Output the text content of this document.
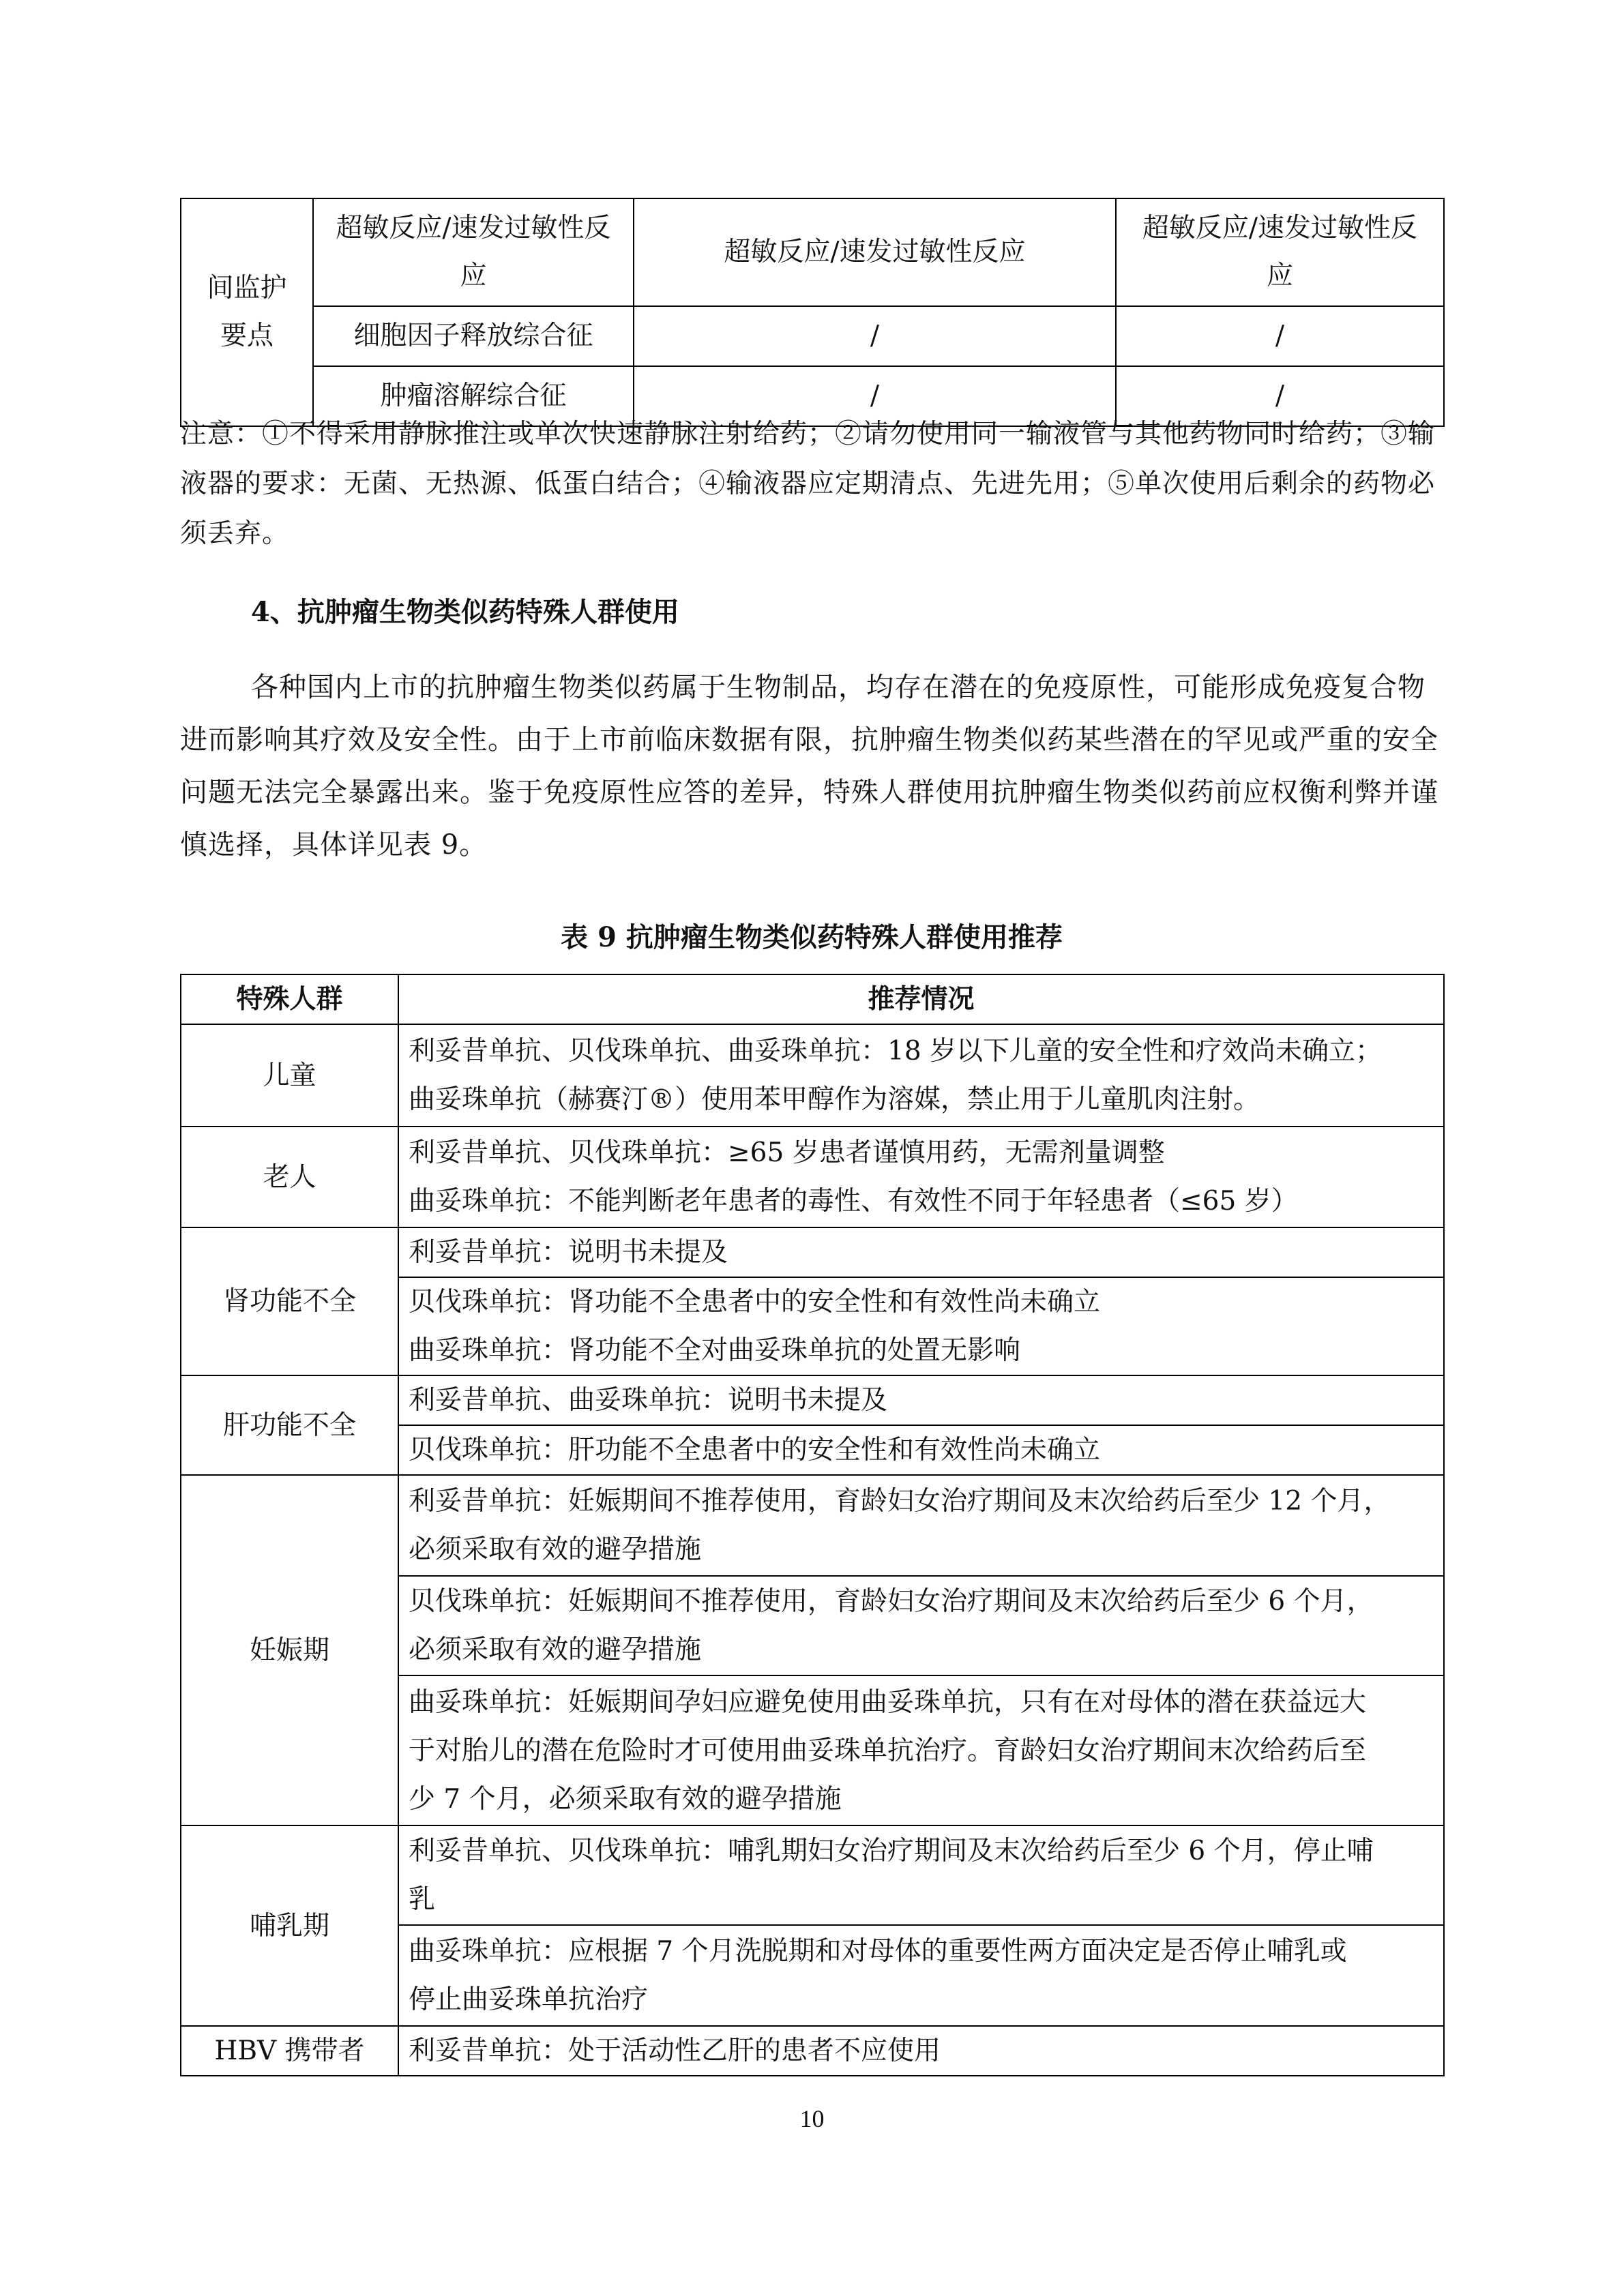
间监护
要点	超敏反应/速发过敏性反应	超敏反应/速发过敏性反应	超敏反应/速发过敏性反应
	细胞因子释放综合征	/	/
	肿瘤溶解综合征	/	/
注意：①不得采用静脉推注或单次快速静脉注射给药；②请勿使用同一输液管与其他药物同时给药；③输液器的要求：无菌、无热源、低蛋白结合；④输液器应定期清点、先进先用；⑤单次使用后剩余的药物必须丢弃。
4、抗肿瘤生物类似药特殊人群使用
各种国内上市的抗肿瘤生物类似药属于生物制品，均存在潜在的免疫原性，可能形成免疫复合物进而影响其疗效及安全性。由于上市前临床数据有限，抗肿瘤生物类似药某些潜在的罕见或严重的安全问题无法完全暴露出来。鉴于免疫原性应答的差异，特殊人群使用抗肿瘤生物类似药前应权衡利弊并谨慎选择，具体详见表 9。
表 9 抗肿瘤生物类似药特殊人群使用推荐
特殊人群	推荐情况
儿童	利妥昔单抗、贝伐珠单抗、曲妥珠单抗：18 岁以下儿童的安全性和疗效尚未确立；
曲妥珠单抗（赫赛汀®）使用苯甲醇作为溶媒，禁止用于儿童肌肉注射。

老人	利妥昔单抗、贝伐珠单抗：≥65 岁患者谨慎用药，无需剂量调整
曲妥珠单抗：不能判断老年患者的毒性、有效性不同于年轻患者（≤65 岁）

肾功能不全	利妥昔单抗：说明书未提及
	贝伐珠单抗：肾功能不全患者中的安全性和有效性尚未确立
	曲妥珠单抗：肾功能不全对曲妥珠单抗的处置无影响
肝功能不全	利妥昔单抗、曲妥珠单抗：说明书未提及
	贝伐珠单抗：肝功能不全患者中的安全性和有效性尚未确立
妊娠期	利妥昔单抗：妊娠期间不推荐使用，育龄妇女治疗期间及末次给药后至少 12 个月，
必须采取有效的避孕措施

	贝伐珠单抗：妊娠期间不推荐使用，育龄妇女治疗期间及末次给药后至少 6 个月，
必须采取有效的避孕措施

	曲妥珠单抗：妊娠期间孕妇应避免使用曲妥珠单抗，只有在对母体的潜在获益远大
于对胎儿的潜在危险时才可使用曲妥珠单抗治疗。育龄妇女治疗期间末次给药后至
少 7 个月，必须采取有效的避孕措施

哺乳期	利妥昔单抗、贝伐珠单抗：哺乳期妇女治疗期间及末次给药后至少 6 个月，停止哺
乳

	曲妥珠单抗：应根据 7 个月洗脱期和对母体的重要性两方面决定是否停止哺乳或
停止曲妥珠单抗治疗

HBV 携带者	利妥昔单抗：处于活动性乙肝的患者不应使用
10
